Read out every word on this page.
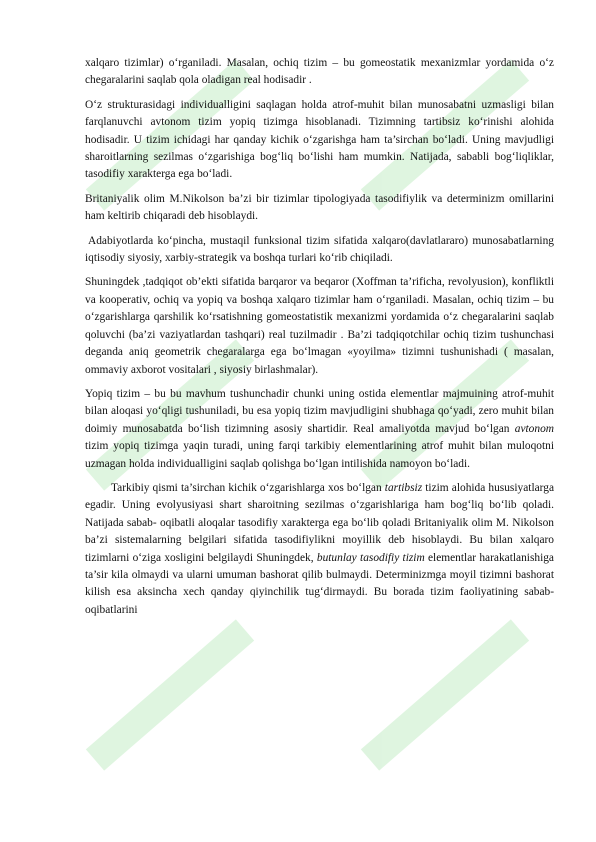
xalqaro tizimlar) o‘rganiladi. Masalan, ochiq tizim – bu gomeostatik mexanizmlar yordamida o‘z chegaralarini saqlab qola oladigan real hodisadir .

O‘z strukturasidagi individualligini saqlagan holda atrof-muhit bilan munosabatni uzmasligi bilan farqlanuvchi avtonom tizim yopiq tizimga hisoblanadi. Tizimning tartibsiz ko‘rinishi alohida hodisadir. U tizim ichidagi har qanday kichik o‘zgarishga ham ta’sirchan bo‘ladi. Uning mavjudligi sharoitlarning sezilmas o‘zgarishiga bog‘liq bo‘lishi ham mumkin. Natijada, sababli bog‘liqliklar, tasodifiy xarakterga ega bo‘ladi.

Britaniyalik olim M.Nikolson ba’zi bir tizimlar tipologiyada tasodifiylik va determinizm omillarini ham keltirib chiqaradi deb hisoblaydi.

Adabiyotlarda ko‘pincha, mustaqil funksional tizim sifatida xalqaro(davlatlararo) munosabatlarning iqtisodiy siyosiy, xarbiy-strategik va boshqa turlari ko‘rib chiqiladi.

Shuningdek ,tadqiqot ob’ekti sifatida barqaror va beqaror (Xoffman ta’rificha, revolyusion), konfliktli va kooperativ, ochiq va yopiq va boshqa xalqaro tizimlar ham o‘rganiladi. Masalan, ochiq tizim – bu o‘zgarishlarga qarshilik ko‘rsatishning gomeostatistik mexanizmi yordamida o‘z chegaralarini saqlab qoluvchi (ba’zi vaziyatlardan tashqari) real tuzilmadir . Ba’zi tadqiqotchilar ochiq tizim tushunchasi deganda aniq geometrik chegaralarga ega bo‘lmagan «yoyilma» tizimni tushunishadi ( masalan, ommaviy axborot vositalari , siyosiy birlashmalar).

Yopiq tizim – bu bu mavhum tushunchadir chunki uning ostida elementlar majmuining atrof-muhit bilan aloqasi yo‘qligi tushuniladi, bu esa yopiq tizim mavjudligini shubhaga qo‘yadi, zero muhit bilan doimiy munosabatda bo‘lish tizimning asosiy shartidir. Real amaliyotda mavjud bo‘lgan avtonom tizim yopiq tizimga yaqin turadi, uning farqi tarkibiy elementlarining atrof muhit bilan muloqotni uzmagan holda individualligini saqlab qolishga bo‘lgan intilishida namoyon bo‘ladi.

Tarkibiy qismi ta’sirchan kichik o‘zgarishlarga xos bo‘lgan tartibsiz tizim alohida hususiyatlarga egadir. Uning evolyusiyasi shart sharoitning sezilmas o‘zgarishlariga ham bog‘liq bo‘lib qoladi. Natijada sabab- oqibatli aloqalar tasodifiy xarakterga ega bo‘lib qoladi Britaniyalik olim M. Nikolson ba’zi sistemalarning belgilari sifatida tasodifiylikni moyillik deb hisoblaydi. Bu bilan xalqaro tizimlarni o‘ziga xosligini belgilaydi Shuningdek, butunlay tasodifiy tizim elementlar harakatlanishiga ta’sir kila olmaydi va ularni umuman bashorat qilib bulmaydi. Determinizmga moyil tizimni bashorat kilish esa aksincha xech qanday qiyinchilik tug‘dirmaydi. Bu borada tizim faoliyatining sabab- oqibatlarini
